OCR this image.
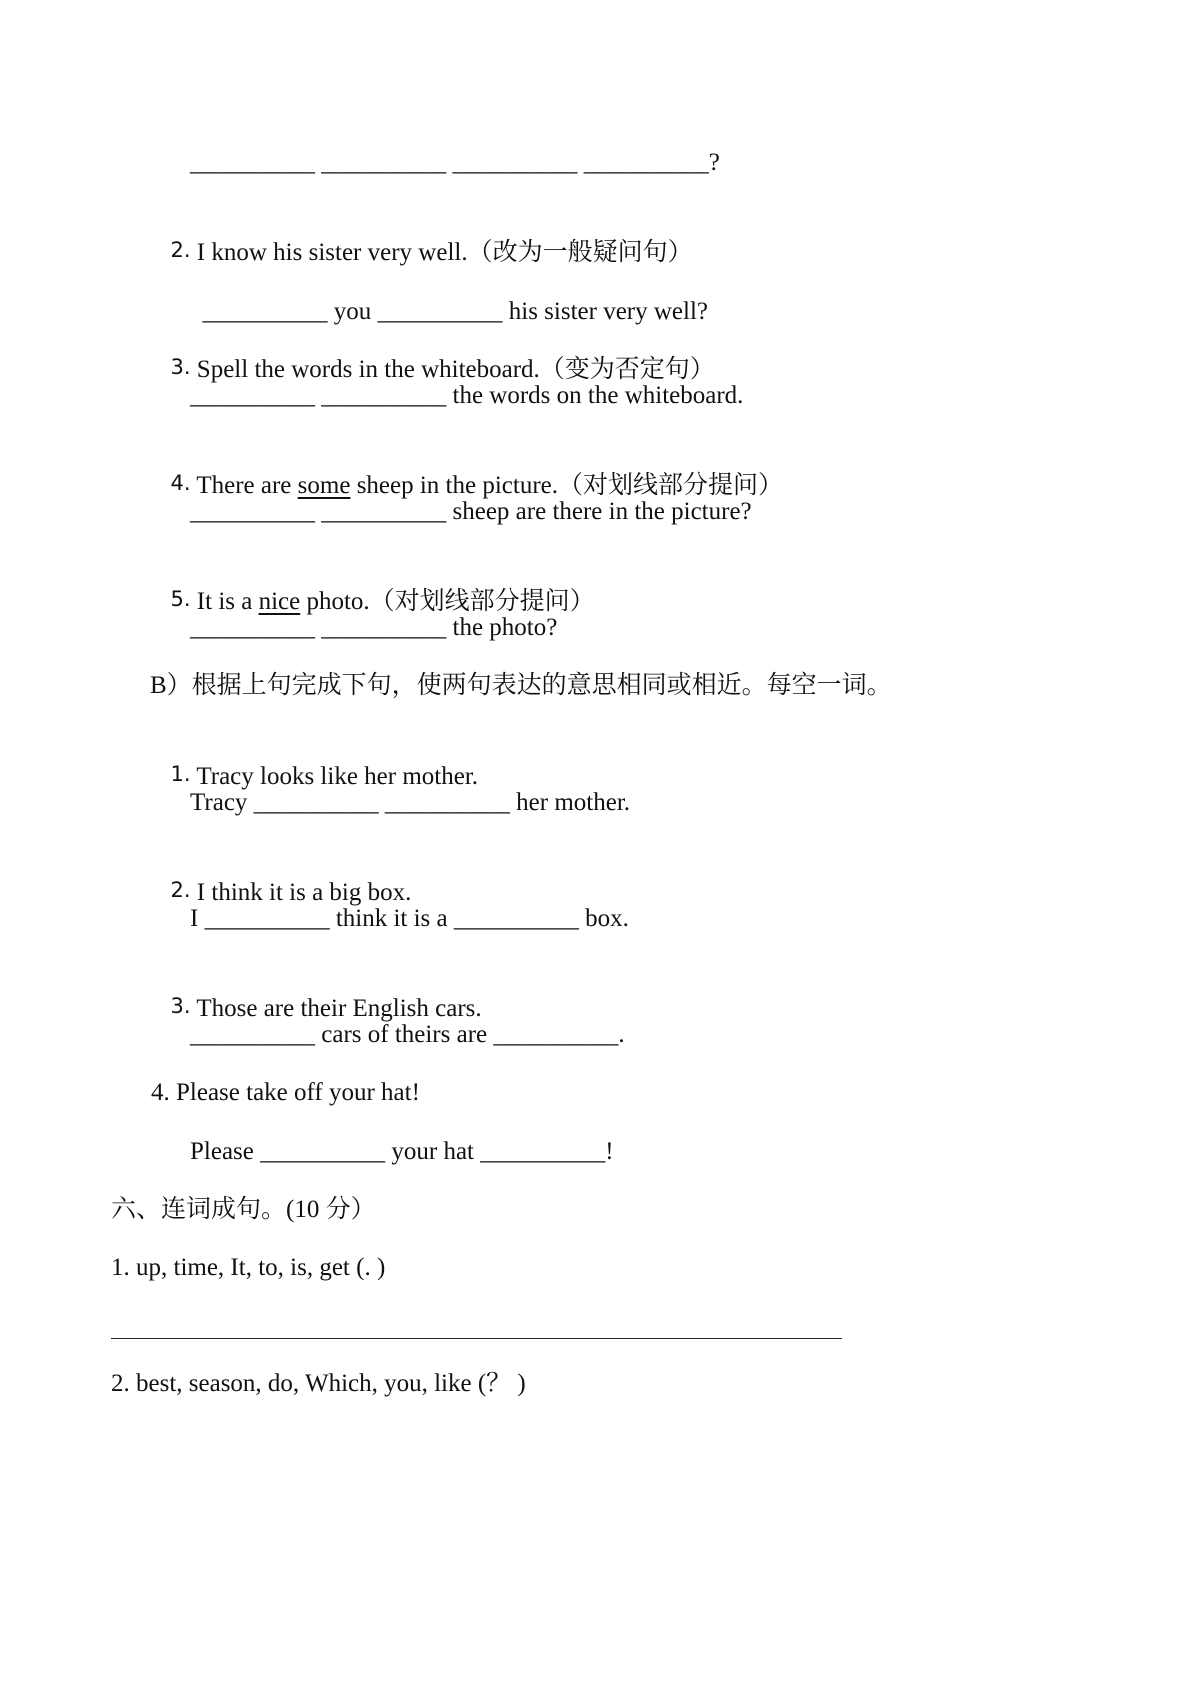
__________ __________ __________ __________?

2. I know his sister very well.（改为一般疑问句）

__________ you __________ his sister very well?

3. Spell the words in the whiteboard.（变为否定句）

__________ __________ the words on the whiteboard.

4. There are some sheep in the picture.（对划线部分提问）

__________ __________ sheep are there in the picture?

5. It is a nice photo.（对划线部分提问）

__________ __________ the photo?
B）根据上句完成下句，使两句表达的意思相同或相近。每空一词。

1. Tracy looks like her mother.

Tracy __________ __________ her mother.

2. I think it is a big box.

I __________ think it is a __________ box.

3. Those are their English cars.

__________ cars of theirs are __________.
4. Please take off your hat!
Please __________ your hat __________!
六、连词成句。(10 分）
1. up, time, It, to, is, get (. )
2. best, season, do, Which, you, like (？ )
